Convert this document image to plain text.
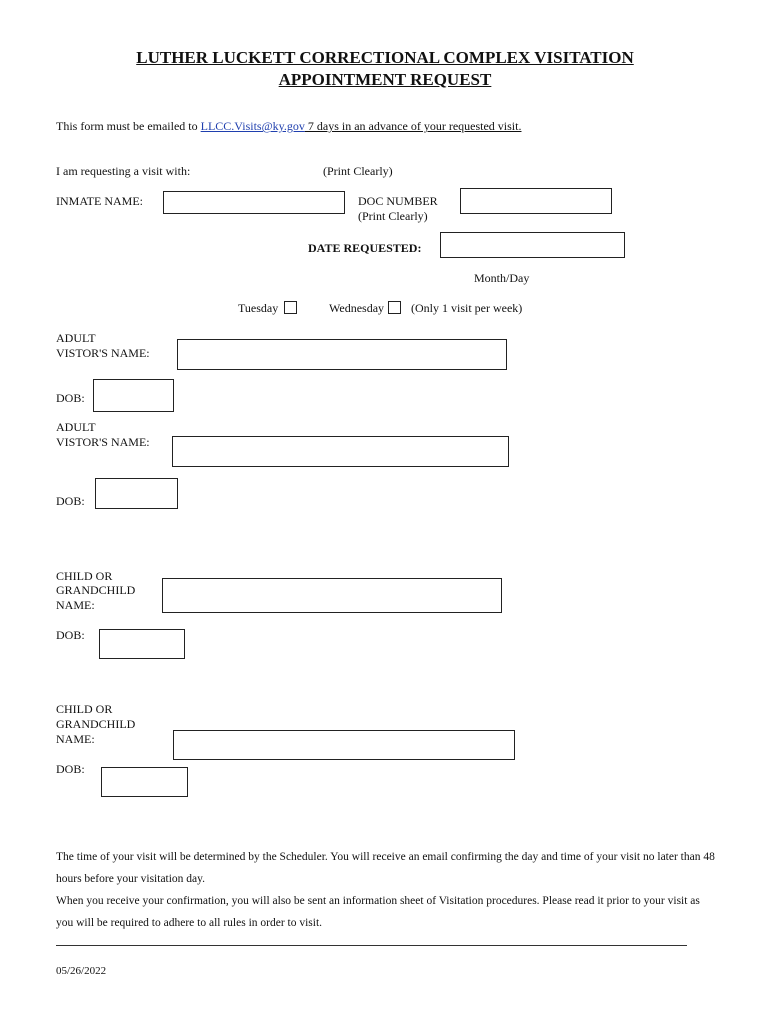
LUTHER LUCKETT CORRECTIONAL COMPLEX VISITATION
APPOINTMENT REQUEST
This form must be emailed to LLCC.Visits@ky.gov 7 days in an advance of your requested visit.
I am requesting a visit with:	(Print Clearly)
INMATE NAME:	DOC NUMBER
(Print Clearly)
DATE REQUESTED:
Month/Day
Tuesday	Wednesday	(Only 1 visit per week)
ADULT
VISTOR'S NAME:
DOB:
ADULT
VISTOR'S NAME:
DOB:
CHILD OR
GRANDCHILD
NAME:
DOB:
CHILD OR
GRANDCHILD
NAME:
DOB:
The time of your visit will be determined by the Scheduler. You will receive an email confirming the day and time of your visit no later than 48 hours before your visitation day.
When you receive your confirmation, you will also be sent an information sheet of Visitation procedures. Please read it prior to your visit as you will be required to adhere to all rules in order to visit.
05/26/2022
